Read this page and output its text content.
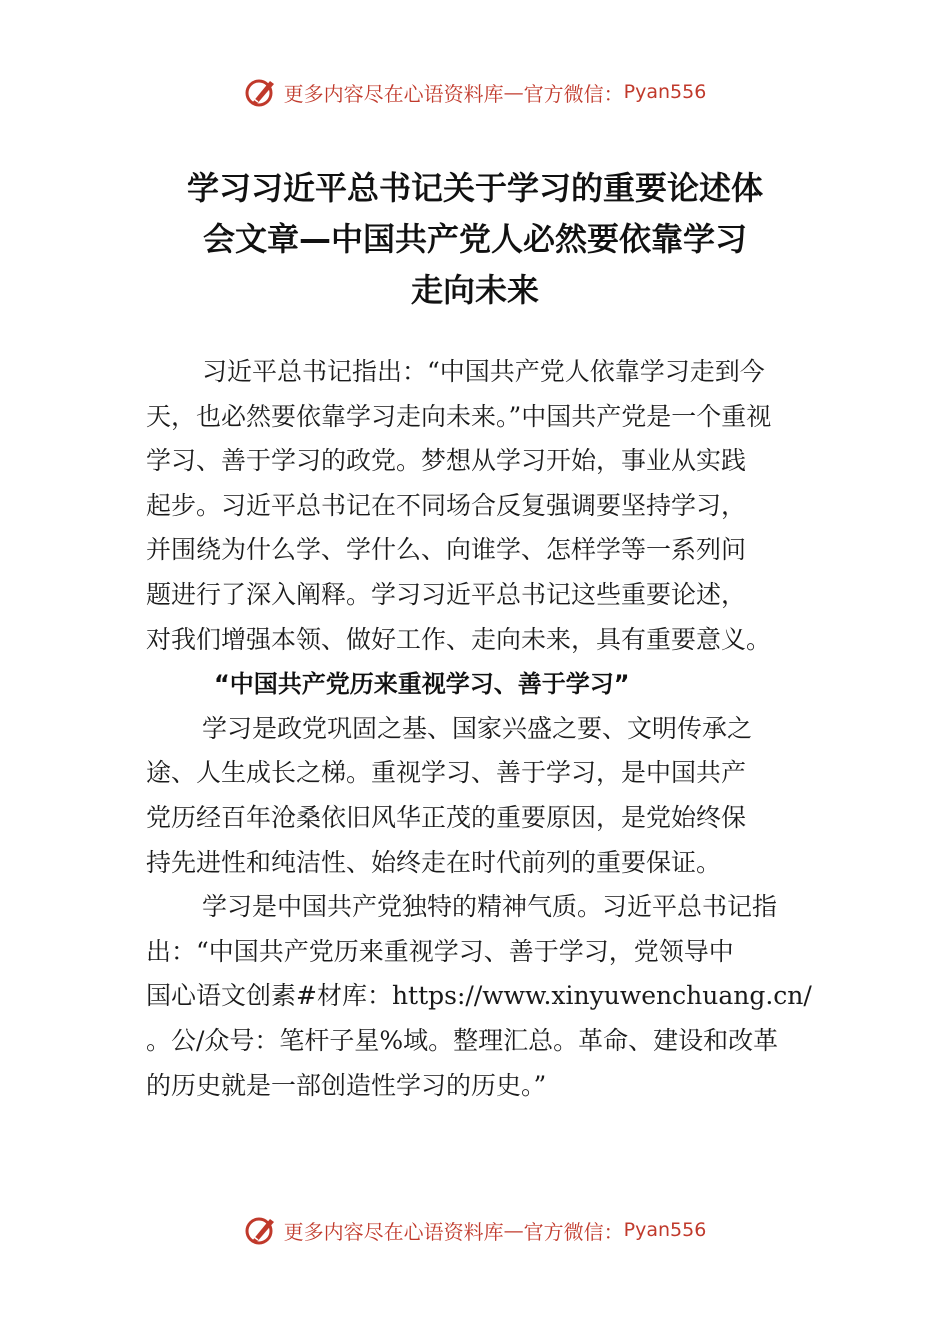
更多内容尽在心语资料库 — 官方微信： Pyan556
学习习近平总书记关于学习的重要论述体
会文章—中国共产党人必然要依靠学习
走向未来
习近平总书记指出：“中国共产党人依靠学习走到今
天，也必然要依靠学习走向未来。”中国共产党是一个重视
学习、善于学习的政党。梦想从学习开始，事业从实践
起步。习近平总书记在不同场合反复强调要坚持学习，
并围绕为什么学、学什么、向谁学、怎样学等一系列问
题进行了深入阐释。学习习近平总书记这些重要论述，
对我们增强本领、做好工作、走向未来，具有重要意义。
“中国共产党历来重视学习、善于学习”
学习是政党巩固之基、国家兴盛之要、文明传承之
途、人生成长之梯。重视学习、善于学习，是中国共产
党历经百年沧桑依旧风华正茂的重要原因，是党始终保
持先进性和纯洁性、始终走在时代前列的重要保证。
学习是中国共产党独特的精神气质。习近平总书记指
出：“中国共产党历来重视学习、善于学习，党领导中
国心语文创素#材库：https://www.xinyuwenchuang.cn/
。公/众号：笔杆子星%域。整理汇总。革命、建设和改革
的历史就是一部创造性学习的历史。”
更多内容尽在心语资料库 — 官方微信： Pyan556
